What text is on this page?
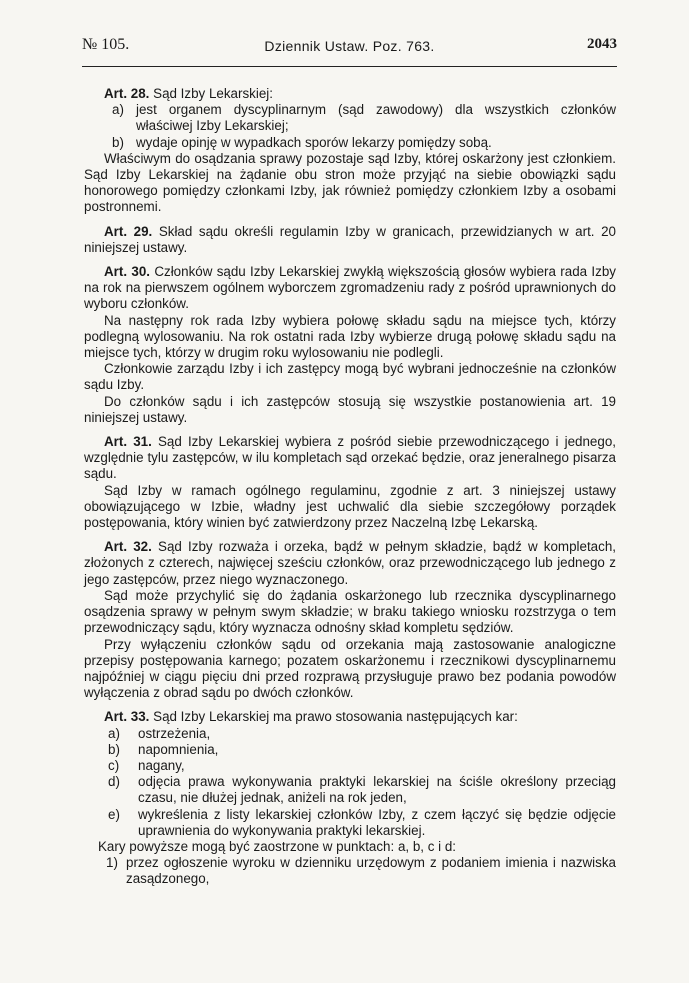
№ 105.	Dziennik Ustaw. Poz. 763.	2043

Art. 28. Sąd Izby Lekarskiej:

a) jest organem dyscyplinarnym (sąd zawodowy) dla wszystkich członków właściwej Izby Lekarskiej;
b) wydaje opinję w wypadkach sporów lekarzy pomiędzy sobą.

Właściwym do osądzania sprawy pozostaje sąd Izby, której oskarżony jest członkiem. Sąd Izby Lekarskiej na żądanie obu stron może przyjąć na siebie obowiązki sądu honorowego pomiędzy członkami Izby, jak również pomiędzy członkiem Izby a osobami postronnemi.

Art. 29. Skład sądu określi regulamin Izby w granicach, przewidzianych w art. 20 niniejszej ustawy.

Art. 30. Członków sądu Izby Lekarskiej zwykłą większością głosów wybiera rada Izby na rok na pierwszem ogólnem wyborczem zgromadzeniu rady z pośród uprawnionych do wyboru członków.

Na następny rok rada Izby wybiera połowę składu sądu na miejsce tych, którzy podlegną wylosowaniu. Na rok ostatni rada Izby wybierze drugą połowę składu sądu na miejsce tych, którzy w drugim roku wylosowaniu nie podlegli.

Członkowie zarządu Izby i ich zastępcy mogą być wybrani jednocześnie na członków sądu Izby.

Do członków sądu i ich zastępców stosują się wszystkie postanowienia art. 19 niniejszej ustawy.

Art. 31. Sąd Izby Lekarskiej wybiera z pośród siebie przewodniczącego i jednego, względnie tylu zastępców, w ilu kompletach sąd orzekać będzie, oraz jeneralnego pisarza sądu.

Sąd Izby w ramach ogólnego regulaminu, zgodnie z art. 3 niniejszej ustawy obowiązującego w Izbie, władny jest uchwalić dla siebie szczegółowy porządek postępowania, który winien być zatwierdzony przez Naczelną Izbę Lekarską.

Art. 32. Sąd Izby rozważa i orzeka, bądź w pełnym składzie, bądź w kompletach, złożonych z czterech, najwięcej sześciu członków, oraz przewodniczącego lub jednego z jego zastępców, przez niego wyznaczonego.

Sąd może przychylić się do żądania oskarżonego lub rzecznika dyscyplinarnego osądzenia sprawy w pełnym swym składzie; w braku takiego wniosku rozstrzyga o tem przewodniczący sądu, który wyznacza odnośny skład kompletu sędziów.

Przy wyłączeniu członków sądu od orzekania mają zastosowanie analogiczne przepisy postępowania karnego; pozatem oskarżonemu i rzecznikowi dyscyplinarnemu najpóźniej w ciągu pięciu dni przed rozprawą przysługuje prawo bez podania powodów wyłączenia z obrad sądu po dwóch członków.

Art. 33. Sąd Izby Lekarskiej ma prawo stosowania następujących kar:

a)	ostrzeżenia,
b)	napomnienia,
c)	nagany,
d)	odjęcia prawa wykonywania praktyki lekarskiej na ściśle określony przeciąg czasu, nie dłużej jednak, aniżeli na rok jeden,
e)	wykreślenia z listy lekarskiej członków Izby, z czem łączyć się będzie odjęcie uprawnienia do wykonywania praktyki lekarskiej.

Kary powyższe mogą być zaostrzone w punktach: a, b, c i d:

1) przez ogłoszenie wyroku w dzienniku urzędowym z podaniem imienia i nazwiska zasądzonego,
